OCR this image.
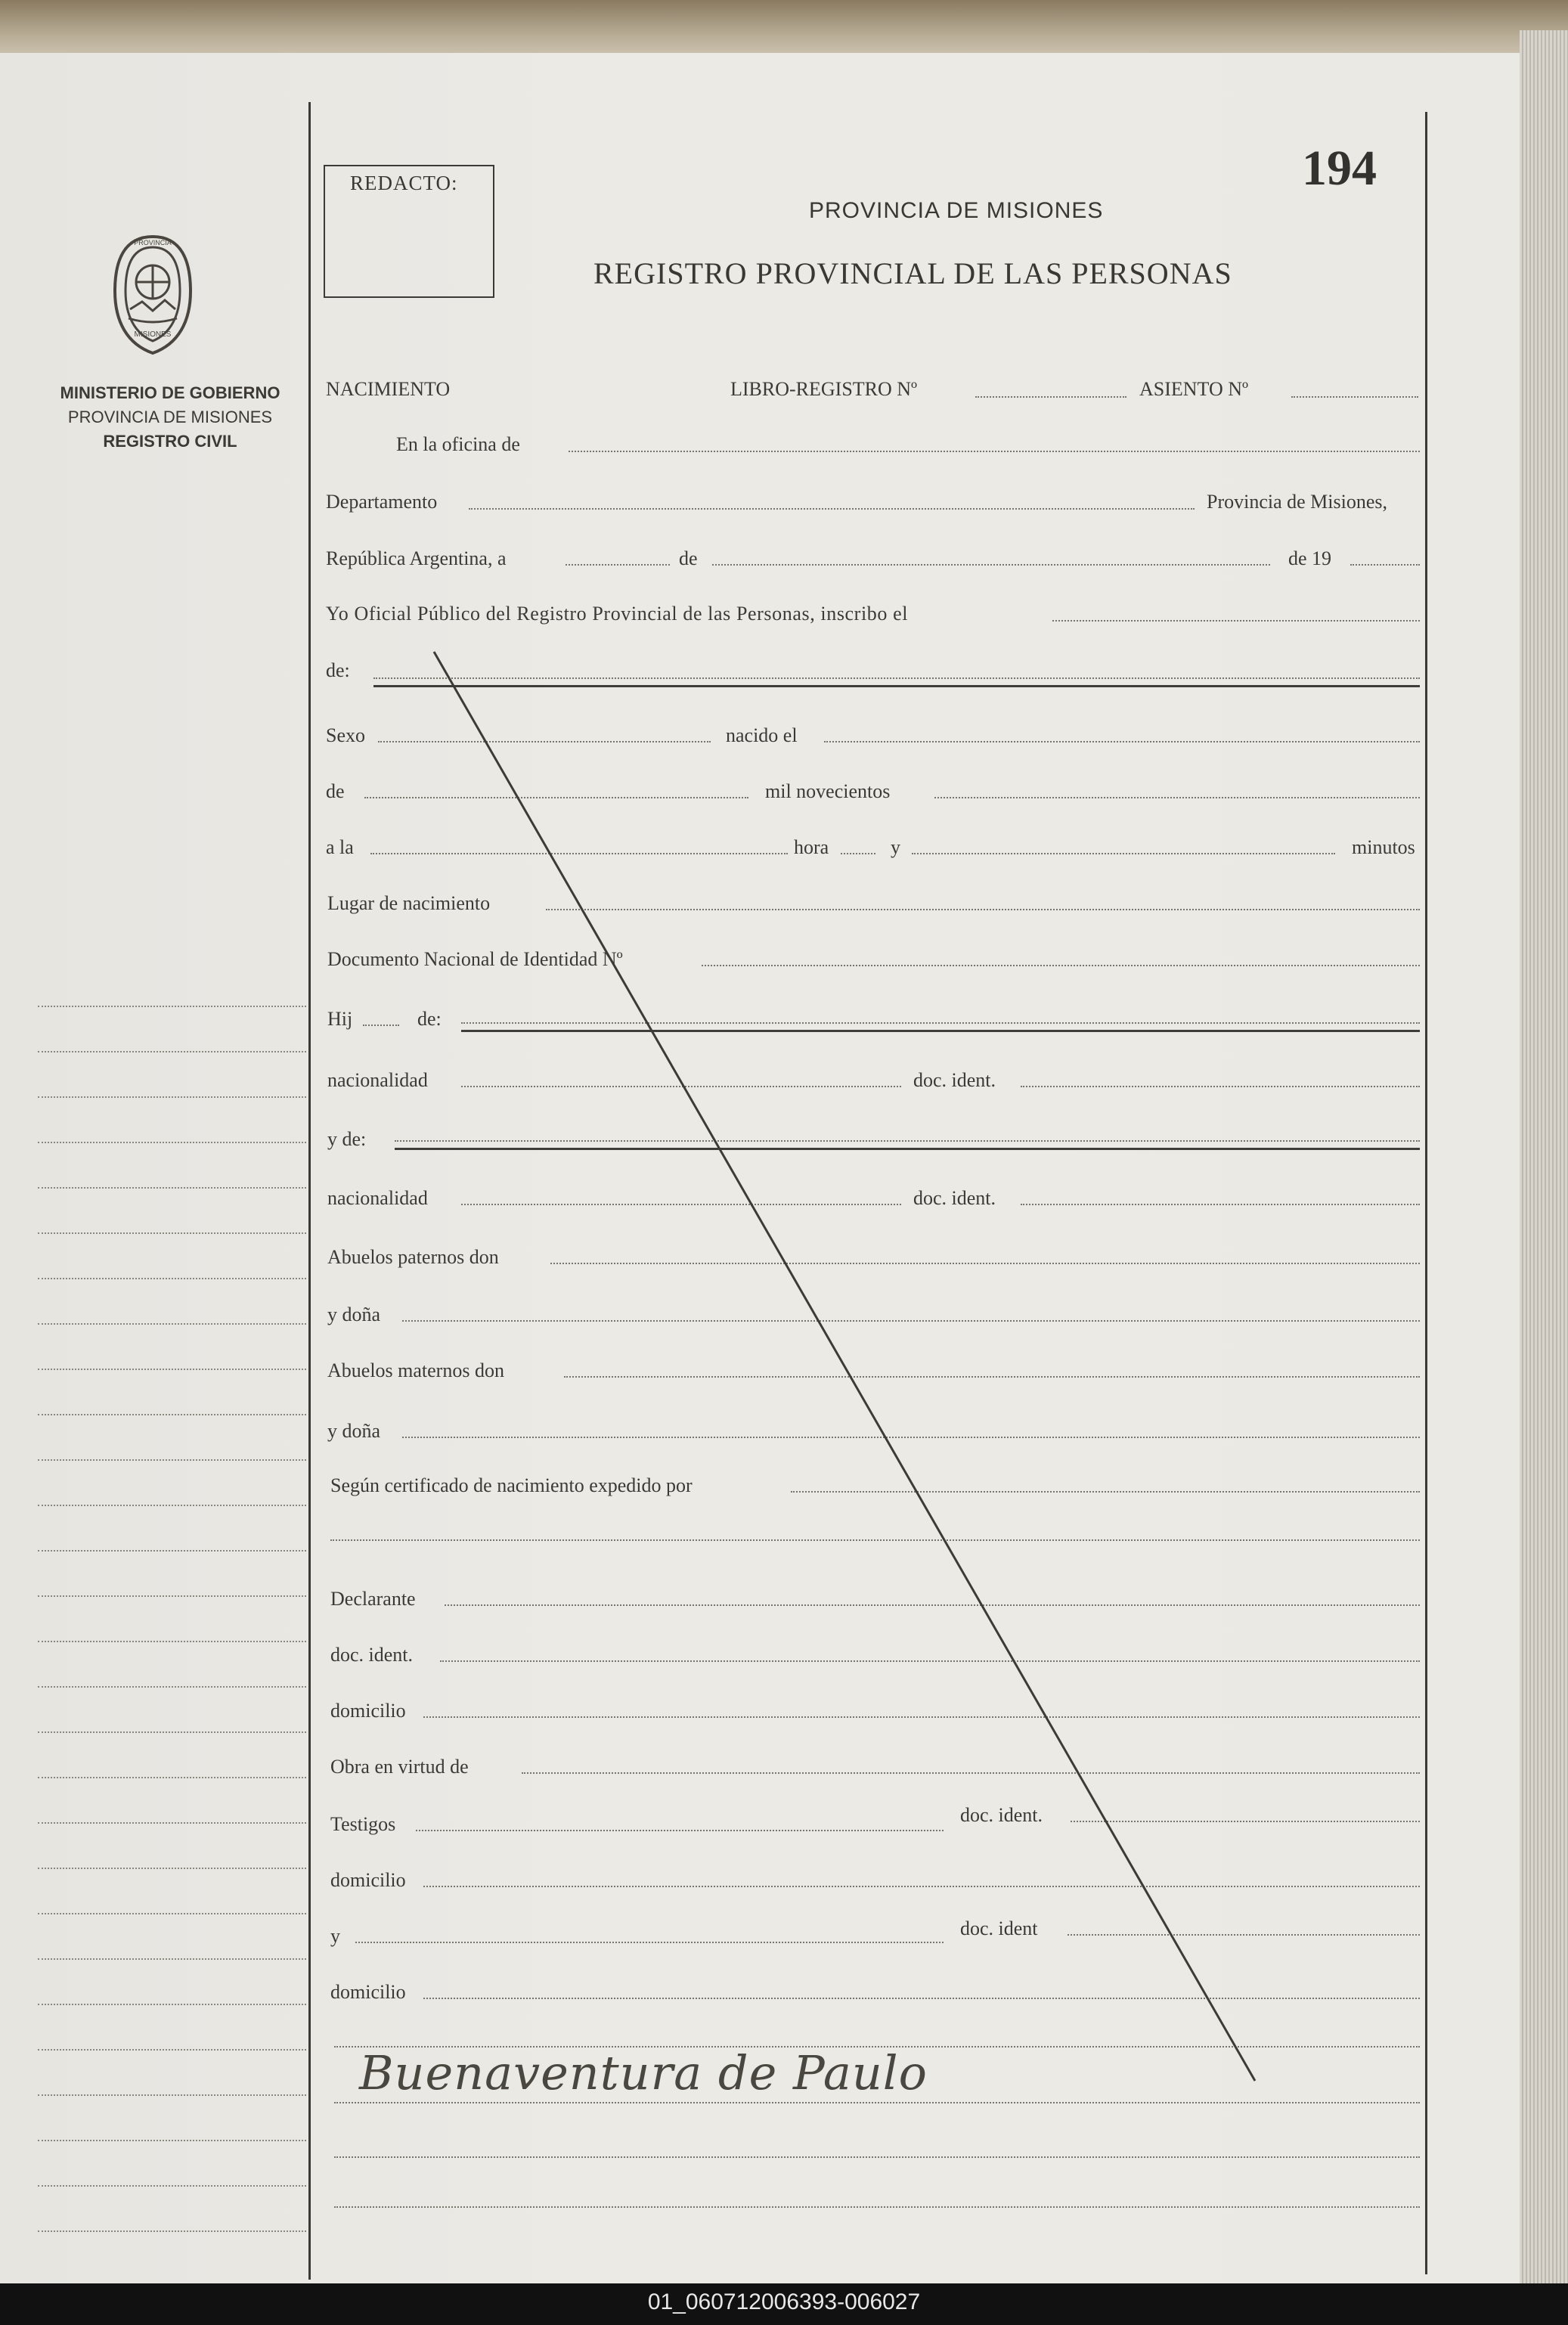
REDACTO:	194
PROVINCIA DE MISIONES
REGISTRO PROVINCIAL DE LAS PERSONAS
MISIONES
PROVINCIA
MINISTERIO DE GOBIERNO
PROVINCIA DE MISIONES
REGISTRO CIVIL
NACIMIENTO	LIBRO-REGISTRO Nº	ASIENTO Nº
En la oficina de
Departamento	Provincia de Misiones,
República Argentina, a	de	de 19
Yo Oficial Público del Registro Provincial de las Personas, inscribo el
de:
Sexo	nacido el
de	mil novecientos
a la	hora	y	minutos
Lugar de nacimiento
Documento Nacional de Identidad Nº
Hij	de:
nacionalidad	doc. ident.
y de:
nacionalidad	doc. ident.
Abuelos paternos don
y doña
Abuelos maternos don
y doña
Según certificado de nacimiento expedido por
Declarante
doc. ident.
domicilio
Obra en virtud de
Testigos	doc. ident.
domicilio
y	doc. ident
domicilio
Buenaventura de Paulo
01_060712006393-006027
